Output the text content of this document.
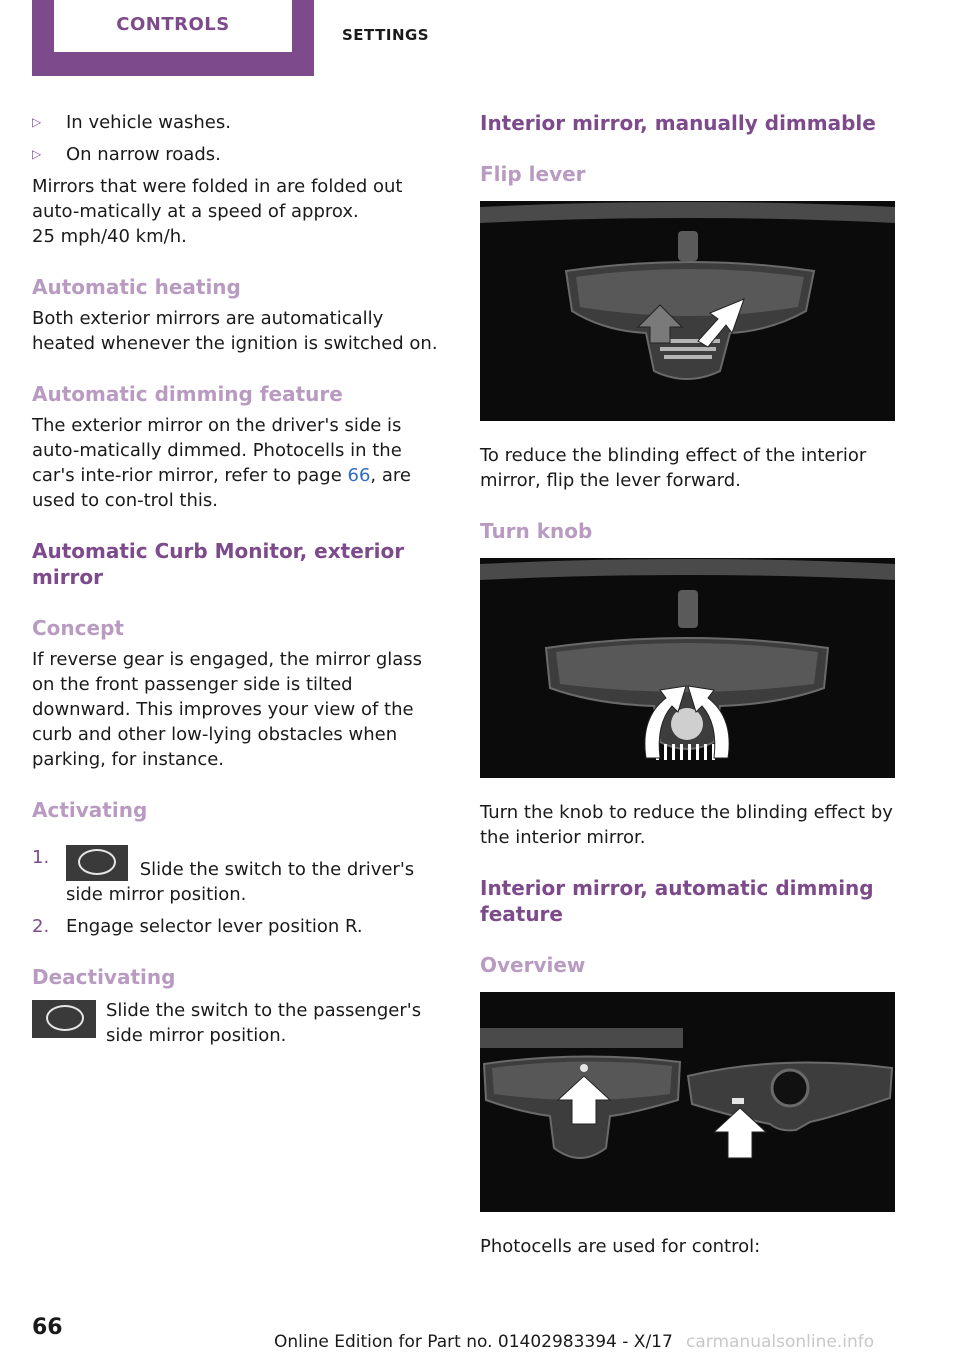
CONTROLS	SETTINGS
▷	In vehicle washes.
▷	On narrow roads.

Mirrors that were folded in are folded out auto-matically at a speed of approx.
25 mph/40 km/h.

Automatic heating

Both exterior mirrors are automatically heated whenever the ignition is switched on.

Automatic dimming feature

The exterior mirror on the driver's side is auto-matically dimmed. Photocells in the car's inte-rior mirror, refer to page 66, are used to con-trol this.

Automatic Curb Monitor, exterior mirror
Concept

If reverse gear is engaged, the mirror glass on the front passenger side is tilted downward. This improves your view of the curb and other low-lying obstacles when parking, for instance.

Activating
1.
Slide the switch to the driver's side mirror position.
2. Engage selector lever position R.
Deactivating
Slide the switch to the passenger's side mirror position.
Interior mirror, manually dimmable
Flip lever

To reduce the blinding effect of the interior mirror, flip the lever forward.

Turn knob

Turn the knob to reduce the blinding effect by the interior mirror.

Interior mirror, automatic dimming feature
Overview

Photocells are used for control:

66
Online Edition for Part no. 01402983394 - X/17 carmanualsonline.info
